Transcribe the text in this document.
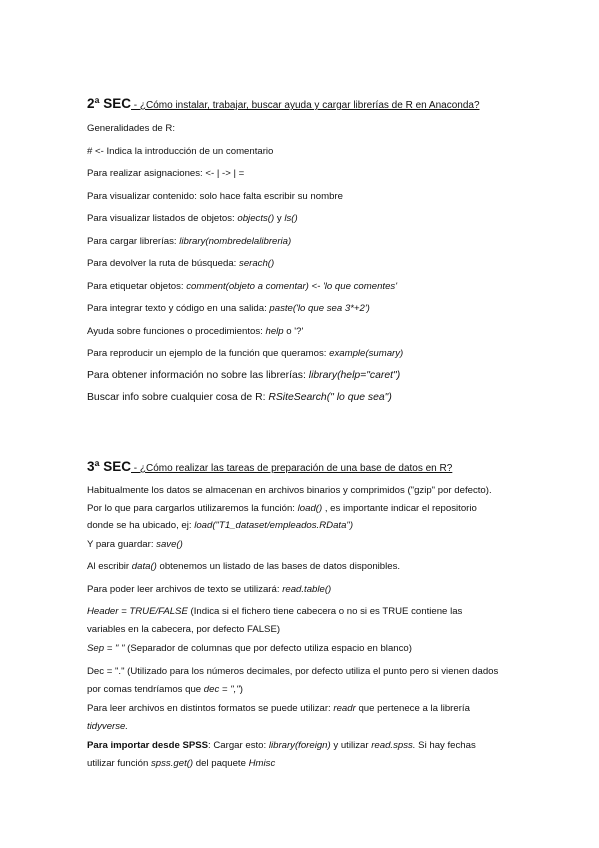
2ª SEC - ¿Cómo instalar, trabajar, buscar ayuda y cargar librerías de R en Anaconda?
Generalidades de R:
# <- Indica la introducción de un comentario
Para realizar asignaciones: <- | -> | =
Para visualizar contenido: solo hace falta escribir su nombre
Para visualizar listados de objetos: objects() y ls()
Para cargar librerías: library(nombredelalibreria)
Para devolver la ruta de búsqueda: serach()
Para etiquetar objetos: comment(objeto a comentar) <- 'lo que comentes'
Para integrar texto y código en una salida: paste('lo que sea 3*+2')
Ayuda sobre funciones o procedimientos: help o '?'
Para reproducir un ejemplo de la función que queramos: example(sumary)
Para obtener información no sobre las librerías: library(help="caret")
Buscar info sobre cualquier cosa de R: RSiteSearch(" lo que sea")
3ª SEC - ¿Cómo realizar las tareas de preparación de una base de datos en R?
Habitualmente los datos se almacenan en archivos binarios y comprimidos ("gzip" por defecto). Por lo que para cargarlos utilizaremos la función: load() , es importante indicar el repositorio donde se ha ubicado, ej: load("T1_dataset/empleados.RData")
Y para guardar: save()
Al escribir data() obtenemos un listado de las bases de datos disponibles.
Para poder leer archivos de texto se utilizará: read.table()
Header = TRUE/FALSE (Indica si el fichero tiene cabecera o no si es TRUE contiene las variables en la cabecera, por defecto FALSE)
Sep = " " (Separador de columnas que por defecto utiliza espacio en blanco)
Dec = "." (Utilizado para los números decimales, por defecto utiliza el punto pero si vienen dados por comas tendríamos que dec = ",")
Para leer archivos en distintos formatos se puede utilizar: readr que pertenece a la librería tidyverse.
Para importar desde SPSS: Cargar esto: library(foreign) y utilizar read.spss. Si hay fechas utilizar función spss.get() del paquete Hmisc
